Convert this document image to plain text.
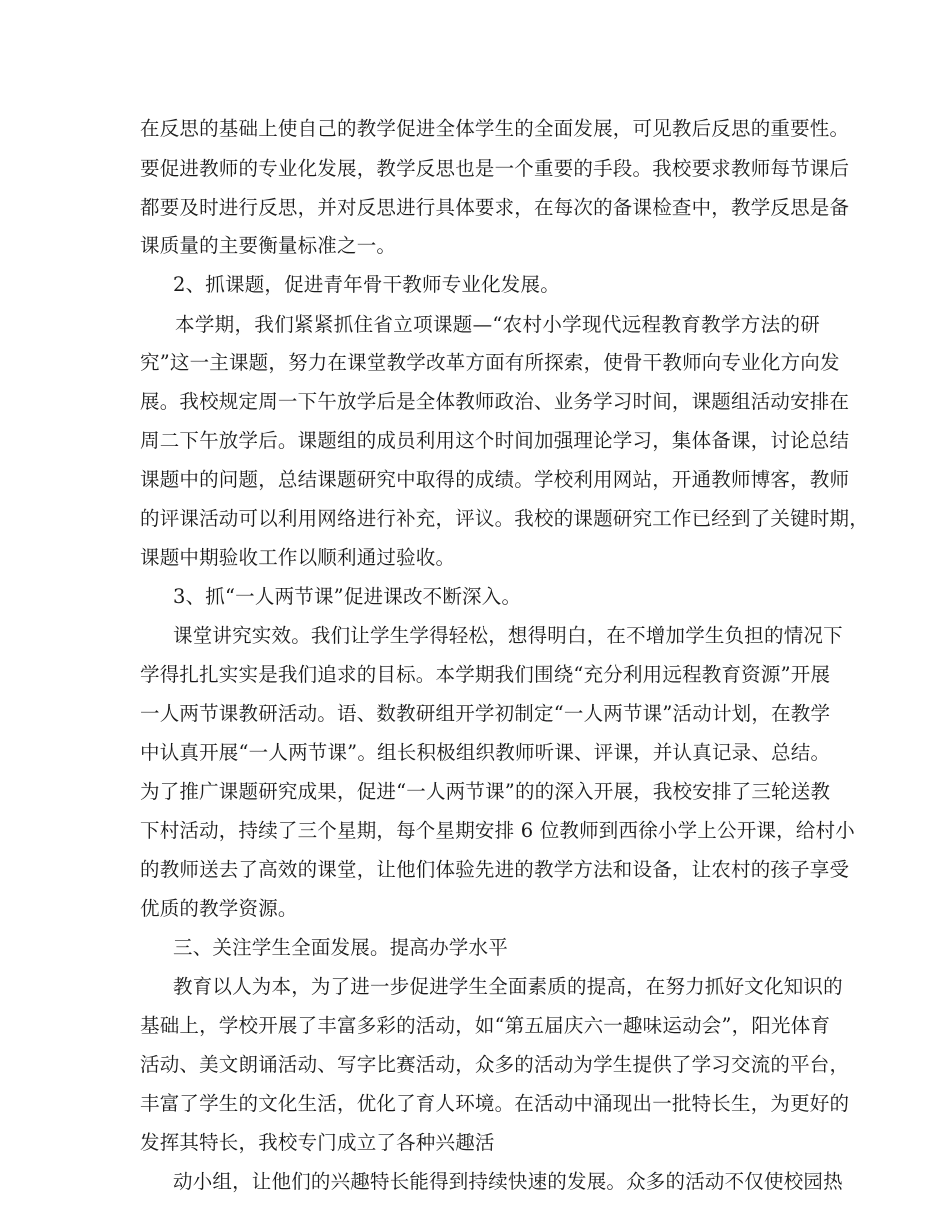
在反思的基础上使自己的教学促进全体学生的全面发展，可见教后反思的重要性。
要促进教师的专业化发展，教学反思也是一个重要的手段。我校要求教师每节课后
都要及时进行反思，并对反思进行具体要求，在每次的备课检查中，教学反思是备
课质量的主要衡量标准之一。
2、抓课题，促进青年骨干教师专业化发展。
本学期，我们紧紧抓住省立项课题—“农村小学现代远程教育教学方法的研
究”这一主课题，努力在课堂教学改革方面有所探索，使骨干教师向专业化方向发
展。我校规定周一下午放学后是全体教师政治、业务学习时间，课题组活动安排在
周二下午放学后。课题组的成员利用这个时间加强理论学习，集体备课，讨论总结
课题中的问题，总结课题研究中取得的成绩。学校利用网站，开通教师博客，教师
的评课活动可以利用网络进行补充，评议。我校的课题研究工作已经到了关键时期，
课题中期验收工作以顺利通过验收。
3、抓“一人两节课”促进课改不断深入。
课堂讲究实效。我们让学生学得轻松，想得明白，在不增加学生负担的情况下
学得扎扎实实是我们追求的目标。本学期我们围绕“充分利用远程教育资源”开展
一人两节课教研活动。语、数教研组开学初制定“一人两节课”活动计划，在教学
中认真开展“一人两节课”。组长积极组织教师听课、评课，并认真记录、总结。
为了推广课题研究成果，促进“一人两节课”的的深入开展，我校安排了三轮送教
下村活动，持续了三个星期，每个星期安排 6 位教师到西徐小学上公开课，给村小
的教师送去了高效的课堂，让他们体验先进的教学方法和设备，让农村的孩子享受
优质的教学资源。
三、关注学生全面发展。提高办学水平
教育以人为本，为了进一步促进学生全面素质的提高，在努力抓好文化知识的
基础上，学校开展了丰富多彩的活动，如“第五届庆六一趣味运动会”，阳光体育
活动、美文朗诵活动、写字比赛活动，众多的活动为学生提供了学习交流的平台，
丰富了学生的文化生活，优化了育人环境。在活动中涌现出一批特长生，为更好的
发挥其特长，我校专门成立了各种兴趣活
动小组，让他们的兴趣特长能得到持续快速的发展。众多的活动不仅使校园热
